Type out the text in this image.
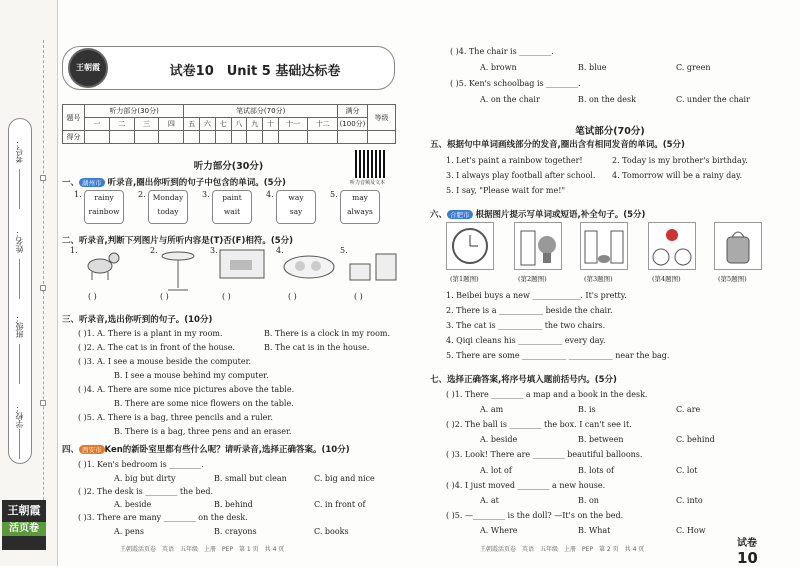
考号：
姓名：
班级：
学校：
王朝霞
活页卷
王朝霞	试卷10　Unit 5 基础达标卷
题号	听力部分(30分)				笔试部分(70分)								满分	等级
	一	二	三	四	五	六	七	八	九	十	十一	十二	(100分)	
得分														
听力部分(30分)
听力音频及文本
一、 湖州市 听录音,圈出你听到的句子中包含的单词。(5分)
1.	rainy
rainbow
2. Monday
today
3.	paint
wait
4.	way
say
5.	may
always
二、听录音,判断下列图片与所听内容是(T)否(F)相符。(5分)
1.	2.	3.	4.	5.
( )	( )	( )	( )	( )
三、听录音,选出你听到的句子。(10分)
( )1. A. There is a plant in my room.	B. There is a clock in my room.
( )2. A. The cat is in front of the house.	B. The cat is in the house.
( )3. A. I see a mouse beside the computer.
B. I see a mouse behind my computer.
( )4. A. There are some nice pictures above the table.
B. There are some nice flowers on the table.
( )5. A. There is a bag, three pencils and a ruler.
B. There is a bag, three pens and an eraser.
四、 西安市 Ken的新卧室里都有些什么呢？请听录音,选择正确答案。(10分)
( )1. Ken's bedroom is ________.
A. big but dirty	B. small but clean	C. big and nice
( )2. The desk is ________ the bed.
A. beside	B. behind	C. in front of
( )3. There are many ________ on the desk.
A. pens	B. crayons	C. books
王朝霞活页卷　英语　五年级　上册　PEP　第 1 页　共 4 页
( )4. The chair is ________.
A. brown	B. blue	C. green
( )5. Ken's schoolbag is ________.
A. on the chair	B. on the desk	C. under the chair
笔试部分(70分)
五、根据句中单词画线部分的发音,圈出含有相同发音的单词。(5分)
1. Let's paint a rainbow together!	2. Today is my brother's birthday.
3. I always play football after school. 4. Tomorrow will be a rainy day.
5. I say, "Please wait for me!"
六、 合肥市 根据图片提示写单词或短语,补全句子。(5分)
(第1题图)	(第2题图)	(第3题图)	(第4题图)	(第5题图)
1. Beibei buys a new ____________. It's pretty.
2. There is a ___________ beside the chair.
3. The cat is ___________ the two chairs.
4. Qiqi cleans his ___________ every day.
5. There are some ___________ ___________ near the bag.
七、选择正确答案,将序号填入题前括号内。(5分)
( )1. There ________ a map and a book in the desk.
A. am	B. is	C. are
( )2. The ball is ________ the box. I can't see it.
A. beside	B. between	C. behind
( )3. Look! There are ________ beautiful balloons.
A. lot of	B. lots of	C. lot
( )4. I just moved ________ a new house.
A. at	B. on	C. into
( )5. —________ is the doll? —It's on the bed.
A. Where	B. What	C. How
王朝霞活页卷　英语　五年级　上册　PEP　第 2 页　共 4 页
试卷10
